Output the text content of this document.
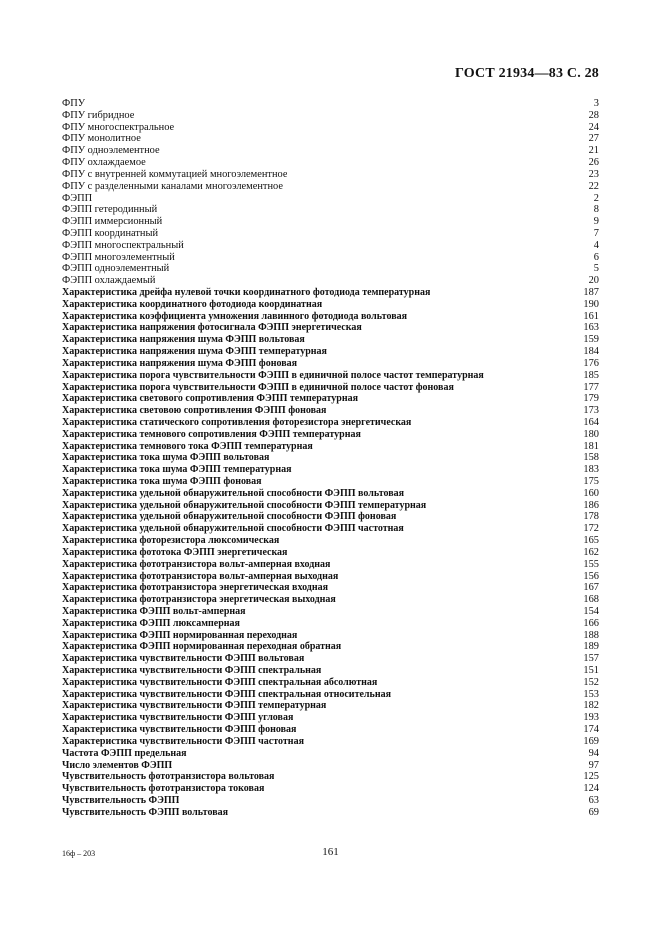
ГОСТ 21934—83 С. 28
ФПУ	3
ФПУ гибридное	28
ФПУ многоспектральное	24
ФПУ монолитное	27
ФПУ одноэлементное	21
ФПУ охлаждаемое	26
ФПУ с внутренней коммутацией многоэлементное	23
ФПУ с разделенными каналами многоэлементное	22
ФЭПП	2
ФЭПП гетеродинный	8
ФЭПП иммерсионный	9
ФЭПП координатный	7
ФЭПП многоспектральный	4
ФЭПП многоэлементный	6
ФЭПП одноэлементный	5
ФЭПП охлаждаемый	20
Характеристика дрейфа нулевой точки координатного фотодиода температурная	187
Характеристика координатного фотодиода координатная	190
Характеристика коэффициента умножения лавинного фотодиода вольтовая	161
Характеристика напряжения фотосигнала ФЭПП энергетическая	163
Характеристика напряжения шума ФЭПП вольтовая	159
Характеристика напряжения шума ФЭПП температурная	184
Характеристика напряжения шума ФЭПП фоновая	176
Характеристика порога чувствительности ФЭПП в единичной полосе частот температурная	185
Характеристика порога чувствительности ФЭПП в единичной полосе частот фоновая	177
Характеристика светового сопротивления ФЭПП температурная	179
Характеристика световою сопротивления ФЭПП фоновая	173
Характеристика статического сопротивления фоторезистора энергетическая	164
Характеристика темнового сопротивления ФЭПП температурная	180
Характеристика темнового тока ФЭПП температурная	181
Характеристика тока шума ФЭПП вольтовая	158
Характеристика тока шума ФЭПП температурная	183
Характеристика тока шума ФЭПП фоновая	175
Характеристика удельной обнаружительной способности ФЭПП вольтовая	160
Характеристика удельной обнаружительной способности ФЭПП температурная	186
Характеристика удельной обнаружительной способности ФЭПП фоновая	178
Характеристика удельной обнаружительной способности ФЭПП частотная	172
Характеристика фоторезистора люксомическая	165
Характеристика фототока ФЭПП энергетическая	162
Характеристика фототранзистора вольт-амперная входная	155
Характеристика фототранзистора вольт-амперная выходная	156
Характеристика фототранзистора энергетическая входная	167
Характеристика фототранзистора энергетическая выходная	168
Характеристика ФЭПП вольт-амперная	154
Характеристика ФЭПП люксамперная	166
Характеристика ФЭПП нормированная переходная	188
Характеристика ФЭПП нормированная переходная обратная	189
Характеристика чувствительности ФЭПП вольтовая	157
Характеристика чувствительности ФЭПП спектральная	151
Характеристика чувствительности ФЭПП спектральная абсолютная	152
Характеристика чувствительности ФЭПП спектральная относительная	153
Характеристика чувствительности ФЭПП температурная	182
Характеристика чувствительности ФЭПП угловая	193
Характеристика чувствительности ФЭПП фоновая	174
Характеристика чувствительности ФЭПП частотная	169
Частота ФЭПП предельная	94
Число элементов ФЭПП	97
Чувствительность фототранзистора вольтовая	125
Чувствительность фототранзистора токовая	124
Чувствительность ФЭПП	63
Чувствительность ФЭПП вольтовая	69
16ф – 203	161
